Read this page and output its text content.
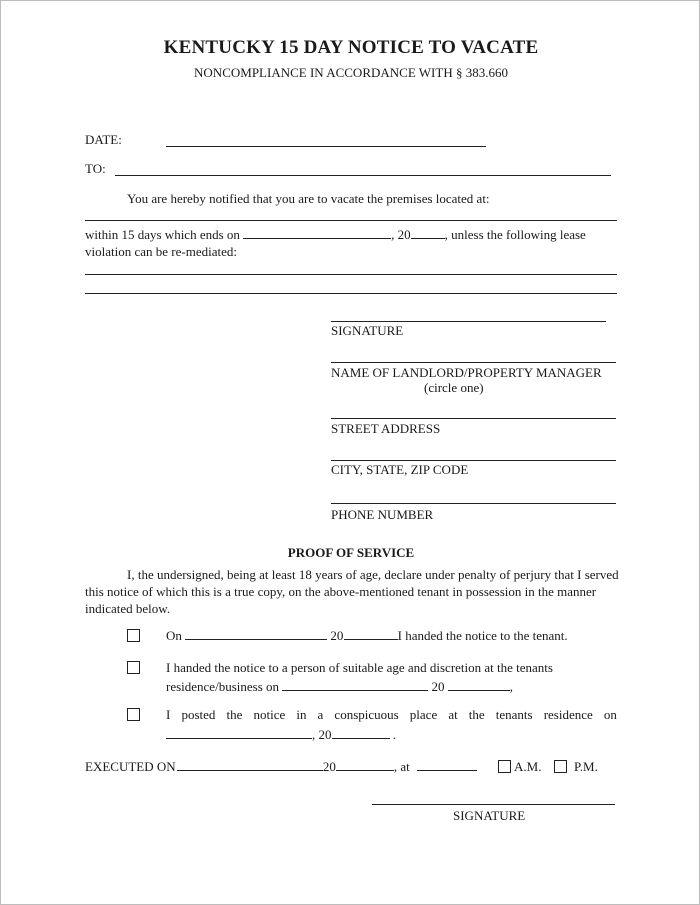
KENTUCKY 15 DAY NOTICE TO VACATE
NONCOMPLIANCE IN ACCORDANCE WITH § 383.660
DATE:
TO:
You are hereby notified that you are to vacate the premises located at:
within 15 days which ends on	, 20	, unless the following lease
violation can be re-mediated:
SIGNATURE
NAME OF LANDLORD/PROPERTY MANAGER
(circle one)
STREET ADDRESS
CITY, STATE, ZIP CODE
PHONE NUMBER
PROOF OF SERVICE
I, the undersigned, being at least 18 years of age, declare under penalty of perjury that I served
this notice of which this is a true copy, on the above-mentioned tenant in possession in the manner
indicated below.
On	20	I handed the notice to the tenant.
I handed the notice to a person of suitable age and discretion at the tenants
residence/business on	20	,
I posted the notice in a conspicuous place at the tenants residence on
, 20	.
EXECUTED ON	20	, at	A.M.	P.M.
SIGNATURE
